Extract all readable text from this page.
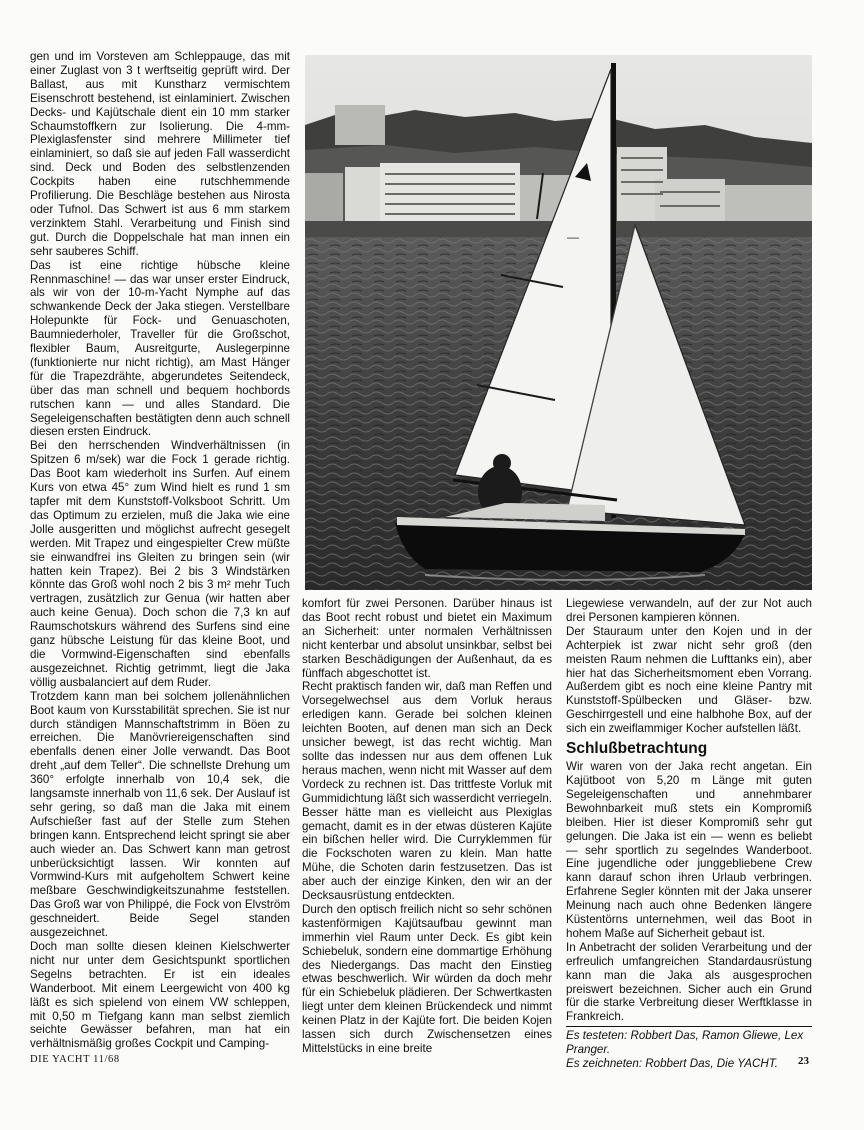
gen und im Vorsteven am Schleppauge, das mit einer Zuglast von 3 t werftseitig geprüft wird. Der Ballast, aus mit Kunstharz vermischtem Eisenschrott bestehend, ist einlaminiert. Zwischen Decks- und Kajütschale dient ein 10 mm starker Schaumstoffkern zur Isolierung. Die 4-mm-Plexiglasfenster sind mehrere Millimeter tief einlaminiert, so daß sie auf jeden Fall wasserdicht sind. Deck und Boden des selbstlenzenden Cockpits haben eine rutschhemmende Profilierung. Die Beschläge bestehen aus Nirosta oder Tufnol. Das Schwert ist aus 6 mm starkem verzinktem Stahl. Verarbeitung und Finish sind gut. Durch die Doppelschale hat man innen ein sehr sauberes Schiff.

Das ist eine richtige hübsche kleine Rennmaschine! — das war unser erster Eindruck, als wir von der 10-m-Yacht Nymphe auf das schwankende Deck der Jaka stiegen. Verstellbare Holepunkte für Fock- und Genuaschoten, Baumniederholer, Traveller für die Großschot, flexibler Baum, Ausreitgurte, Auslegerpinne (funktionierte nur nicht richtig), am Mast Hänger für die Trapezdrähte, abgerundetes Seitendeck, über das man schnell und bequem hochbords rutschen kann — und alles Standard. Die Segeleigenschaften bestätigten denn auch schnell diesen ersten Eindruck.

Bei den herrschenden Windverhältnissen (in Spitzen 6 m/sek) war die Fock 1 gerade richtig. Das Boot kam wiederholt ins Surfen. Auf einem Kurs von etwa 45° zum Wind hielt es rund 1 sm tapfer mit dem Kunststoff-Volksboot Schritt. Um das Optimum zu erzielen, muß die Jaka wie eine Jolle ausgeritten und möglichst aufrecht gesegelt werden. Mit Trapez und eingespielter Crew müßte sie einwandfrei ins Gleiten zu bringen sein (wir hatten kein Trapez). Bei 2 bis 3 Windstärken könnte das Groß wohl noch 2 bis 3 m² mehr Tuch vertragen, zusätzlich zur Genua (wir hatten aber auch keine Genua). Doch schon die 7,3 kn auf Raumschotskurs während des Surfens sind eine ganz hübsche Leistung für das kleine Boot, und die Vormwind-Eigenschaften sind ebenfalls ausgezeichnet. Richtig getrimmt, liegt die Jaka völlig ausbalanciert auf dem Ruder.

Trotzdem kann man bei solchem jollenähnlichen Boot kaum von Kursstabilität sprechen. Sie ist nur durch ständigen Mannschaftstrimm in Böen zu erreichen. Die Manövriereigenschaften sind ebenfalls denen einer Jolle verwandt. Das Boot dreht „auf dem Teller“. Die schnellste Drehung um 360° erfolgte innerhalb von 10,4 sek, die langsamste innerhalb von 11,6 sek. Der Auslauf ist sehr gering, so daß man die Jaka mit einem Aufschießer fast auf der Stelle zum Stehen bringen kann. Entsprechend leicht springt sie aber auch wieder an. Das Schwert kann man getrost unberücksichtigt lassen. Wir konnten auf Vormwind-Kurs mit aufgeholtem Schwert keine meßbare Geschwindigkeitszunahme feststellen. Das Groß war von Philippé, die Fock von Elvström geschneidert. Beide Segel standen ausgezeichnet.

Doch man sollte diesen kleinen Kielschwerter nicht nur unter dem Gesichtspunkt sportlichen Segelns betrachten. Er ist ein ideales Wanderboot. Mit einem Leergewicht von 400 kg läßt es sich spielend von einem VW schleppen, mit 0,50 m Tiefgang kann man selbst ziemlich seichte Gewässer befahren, man hat ein verhältnismäßig großes Cockpit und Camping-

—

komfort für zwei Personen. Darüber hinaus ist das Boot recht robust und bietet ein Maximum an Sicherheit: unter normalen Verhältnissen nicht kenterbar und absolut unsinkbar, selbst bei starken Beschädigungen der Außenhaut, da es fünffach abgeschottet ist.

Recht praktisch fanden wir, daß man Reffen und Vorsegelwechsel aus dem Vorluk heraus erledigen kann. Gerade bei solchen kleinen leichten Booten, auf denen man sich an Deck unsicher bewegt, ist das recht wichtig. Man sollte das indessen nur aus dem offenen Luk heraus machen, wenn nicht mit Wasser auf dem Vordeck zu rechnen ist. Das trittfeste Vorluk mit Gummidichtung läßt sich wasserdicht verriegeln. Besser hätte man es vielleicht aus Plexiglas gemacht, damit es in der etwas düsteren Kajüte ein bißchen heller wird. Die Curryklemmen für die Fockschoten waren zu klein. Man hatte Mühe, die Schoten darin festzusetzen. Das ist aber auch der einzige Kinken, den wir an der Decksausrüstung entdeckten.

Durch den optisch freilich nicht so sehr schönen kastenförmigen Kajütsaufbau gewinnt man immerhin viel Raum unter Deck. Es gibt kein Schiebeluk, sondern eine dommartige Erhöhung des Niedergangs. Das macht den Einstieg etwas beschwerlich. Wir würden da doch mehr für ein Schiebeluk plädieren. Der Schwertkasten liegt unter dem kleinen Brückendeck und nimmt keinen Platz in der Kajüte fort. Die beiden Kojen lassen sich durch Zwischensetzen eines Mittelstücks in eine breite

Liegewiese verwandeln, auf der zur Not auch drei Personen kampieren können.

Der Stauraum unter den Kojen und in der Achterpiek ist zwar nicht sehr groß (den meisten Raum nehmen die Lufttanks ein), aber hier hat das Sicherheitsmoment eben Vorrang. Außerdem gibt es noch eine kleine Pantry mit Kunststoff-Spülbecken und Gläser- bzw. Geschirrgestell und eine halbhohe Box, auf der sich ein zweiflammiger Kocher aufstellen läßt.

Schlußbetrachtung

Wir waren von der Jaka recht angetan. Ein Kajütboot von 5,20 m Länge mit guten Segeleigenschaften und annehmbarer Bewohnbarkeit muß stets ein Kompromiß bleiben. Hier ist dieser Kompromiß sehr gut gelungen. Die Jaka ist ein — wenn es beliebt — sehr sportlich zu segelndes Wanderboot. Eine jugendliche oder junggebliebene Crew kann darauf schon ihren Urlaub verbringen. Erfahrene Segler könnten mit der Jaka unserer Meinung nach auch ohne Bedenken längere Küstentörns unternehmen, weil das Boot in hohem Maße auf Sicherheit gebaut ist.

In Anbetracht der soliden Verarbeitung und der erfreulich umfangreichen Standardausrüstung kann man die Jaka als ausgesprochen preiswert bezeichnen. Sicher auch ein Grund für die starke Verbreitung dieser Werftklasse in Frankreich.

Es testeten: Robbert Das, Ramon Gliewe, Lex Pranger.

Es zeichneten: Robbert Das, Die YACHT.

DIE YACHT 11/68	23
